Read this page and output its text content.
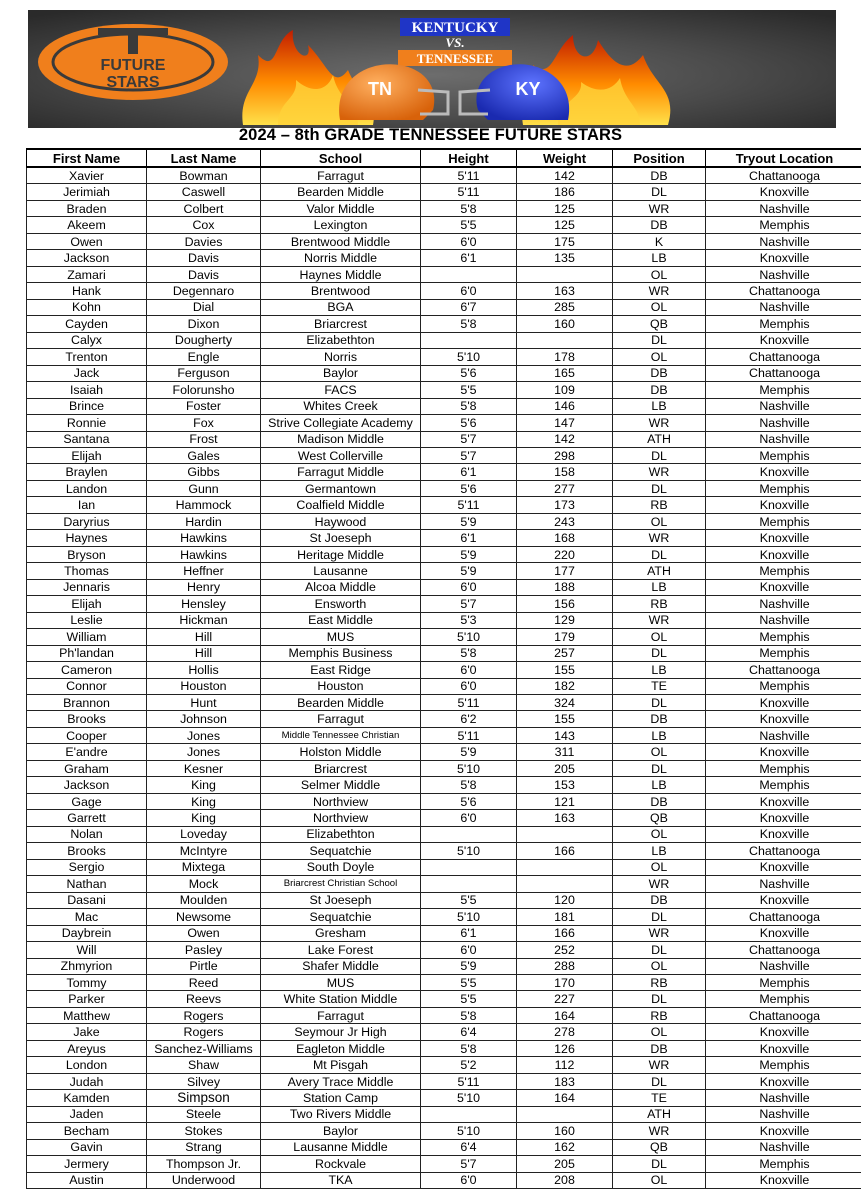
FUTURE
STARS
KENTUCKY
VS.
TENNESSEE
TN	KY
2024 – 8th GRADE TENNESSEE FUTURE STARS
First Name	Last Name	School	Height	Weight	Position	Tryout Location
Xavier	Bowman	Farragut	5'11	142	DB	Chattanooga
Jerimiah	Caswell	Bearden Middle	5'11	186	DL	Knoxville
Braden	Colbert	Valor Middle	5'8	125	WR	Nashville
Akeem	Cox	Lexington	5'5	125	DB	Memphis
Owen	Davies	Brentwood Middle	6'0	175	K	Nashville
Jackson	Davis	Norris Middle	6'1	135	LB	Knoxville
Zamari	Davis	Haynes Middle			OL	Nashville
Hank	Degennaro	Brentwood	6'0	163	WR	Chattanooga
Kohn	Dial	BGA	6'7	285	OL	Nashville
Cayden	Dixon	Briarcrest	5'8	160	QB	Memphis
Calyx	Dougherty	Elizabethton			DL	Knoxville
Trenton	Engle	Norris	5'10	178	OL	Chattanooga
Jack	Ferguson	Baylor	5'6	165	DB	Chattanooga
Isaiah	Folorunsho	FACS	5'5	109	DB	Memphis
Brince	Foster	Whites Creek	5'8	146	LB	Nashville
Ronnie	Fox	Strive Collegiate Academy	5'6	147	WR	Nashville
Santana	Frost	Madison Middle	5'7	142	ATH	Nashville
Elijah	Gales	West Collerville	5'7	298	DL	Memphis
Braylen	Gibbs	Farragut Middle	6'1	158	WR	Knoxville
Landon	Gunn	Germantown	5'6	277	DL	Memphis
Ian	Hammock	Coalfield Middle	5'11	173	RB	Knoxville
Daryrius	Hardin	Haywood	5'9	243	OL	Memphis
Haynes	Hawkins	St Joeseph	6'1	168	WR	Knoxville
Bryson	Hawkins	Heritage Middle	5'9	220	DL	Knoxville
Thomas	Heffner	Lausanne	5'9	177	ATH	Memphis
Jennaris	Henry	Alcoa Middle	6'0	188	LB	Knoxville
Elijah	Hensley	Ensworth	5'7	156	RB	Nashville
Leslie	Hickman	East Middle	5'3	129	WR	Nashville
William	Hill	MUS	5'10	179	OL	Memphis
Ph'landan	Hill	Memphis Business	5'8	257	DL	Memphis
Cameron	Hollis	East Ridge	6'0	155	LB	Chattanooga
Connor	Houston	Houston	6'0	182	TE	Memphis
Brannon	Hunt	Bearden Middle	5'11	324	DL	Knoxville
Brooks	Johnson	Farragut	6'2	155	DB	Knoxville
Cooper	Jones	Middle Tennessee Christian	5'11	143	LB	Nashville
E'andre	Jones	Holston Middle	5'9	311	OL	Knoxville
Graham	Kesner	Briarcrest	5'10	205	DL	Memphis
Jackson	King	Selmer Middle	5'8	153	LB	Memphis
Gage	King	Northview	5'6	121	DB	Knoxville
Garrett	King	Northview	6'0	163	QB	Knoxville
Nolan	Loveday	Elizabethton			OL	Knoxville
Brooks	McIntyre	Sequatchie	5'10	166	LB	Chattanooga
Sergio	Mixtega	South Doyle			OL	Knoxville
Nathan	Mock	Briarcrest Christian School			WR	Nashville
Dasani	Moulden	St Joeseph	5'5	120	DB	Knoxville
Mac	Newsome	Sequatchie	5'10	181	DL	Chattanooga
Daybrein	Owen	Gresham	6'1	166	WR	Knoxville
Will	Pasley	Lake Forest	6'0	252	DL	Chattanooga
Zhmyrion	Pirtle	Shafer Middle	5'9	288	OL	Nashville
Tommy	Reed	MUS	5'5	170	RB	Memphis
Parker	Reevs	White Station Middle	5'5	227	DL	Memphis
Matthew	Rogers	Farragut	5'8	164	RB	Chattanooga
Jake	Rogers	Seymour Jr High	6'4	278	OL	Knoxville
Areyus	Sanchez-Williams	Eagleton Middle	5'8	126	DB	Knoxville
London	Shaw	Mt Pisgah	5'2	112	WR	Memphis
Judah	Silvey	Avery Trace Middle	5'11	183	DL	Knoxville
Kamden	Simpson	Station Camp	5'10	164	TE	Nashville
Jaden	Steele	Two Rivers Middle			ATH	Nashville
Becham	Stokes	Baylor	5'10	160	WR	Knoxville
Gavin	Strang	Lausanne Middle	6'4	162	QB	Nashville
Jermery	Thompson Jr.	Rockvale	5'7	205	DL	Memphis
Austin	Underwood	TKA	6'0	208	OL	Knoxville
